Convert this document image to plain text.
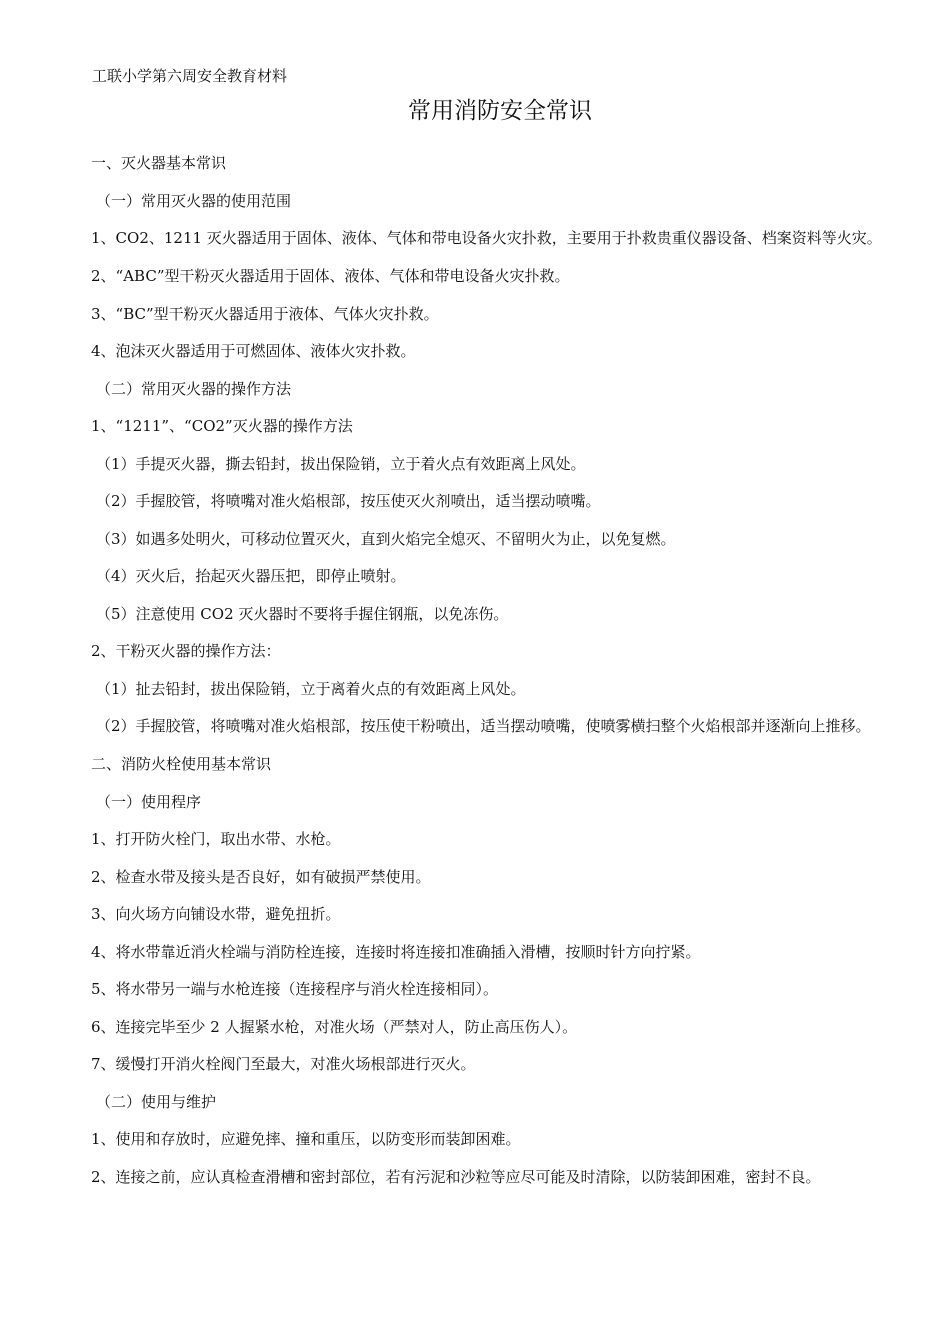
工联小学第六周安全教育材料
常用消防安全常识

一、灭火器基本常识

（一）常用灭火器的使用范围

1、CO2、1211 灭火器适用于固体、液体、气体和带电设备火灾扑救，主要用于扑救贵重仪器设备、档案资料等火灾。

2、“ABC”型干粉灭火器适用于固体、液体、气体和带电设备火灾扑救。

3、“BC”型干粉灭火器适用于液体、气体火灾扑救。

4、泡沫灭火器适用于可燃固体、液体火灾扑救。

（二）常用灭火器的操作方法

1、“1211”、“CO2”灭火器的操作方法

（1）手提灭火器，撕去铅封，拔出保险销，立于着火点有效距离上风处。

（2）手握胶管，将喷嘴对准火焰根部，按压使灭火剂喷出，适当摆动喷嘴。

（3）如遇多处明火，可移动位置灭火，直到火焰完全熄灭、不留明火为止，以免复燃。

（4）灭火后，抬起灭火器压把，即停止喷射。

（5）注意使用 CO2 灭火器时不要将手握住钢瓶，以免冻伤。

2、干粉灭火器的操作方法：

（1）扯去铅封，拔出保险销，立于离着火点的有效距离上风处。

（2）手握胶管，将喷嘴对准火焰根部，按压使干粉喷出，适当摆动喷嘴，使喷雾横扫整个火焰根部并逐渐向上推移。

二、消防火栓使用基本常识

（一）使用程序

1、打开防火栓门，取出水带、水枪。

2、检查水带及接头是否良好，如有破损严禁使用。

3、向火场方向铺设水带，避免扭折。

4、将水带靠近消火栓端与消防栓连接，连接时将连接扣准确插入滑槽，按顺时针方向拧紧。

5、将水带另一端与水枪连接（连接程序与消火栓连接相同）。

6、连接完毕至少 2 人握紧水枪，对准火场（严禁对人，防止高压伤人）。

7、缓慢打开消火栓阀门至最大，对准火场根部进行灭火。

（二）使用与维护

1、使用和存放时，应避免摔、撞和重压，以防变形而装卸困难。

2、连接之前，应认真检查滑槽和密封部位，若有污泥和沙粒等应尽可能及时清除，以防装卸困难，密封不良。
